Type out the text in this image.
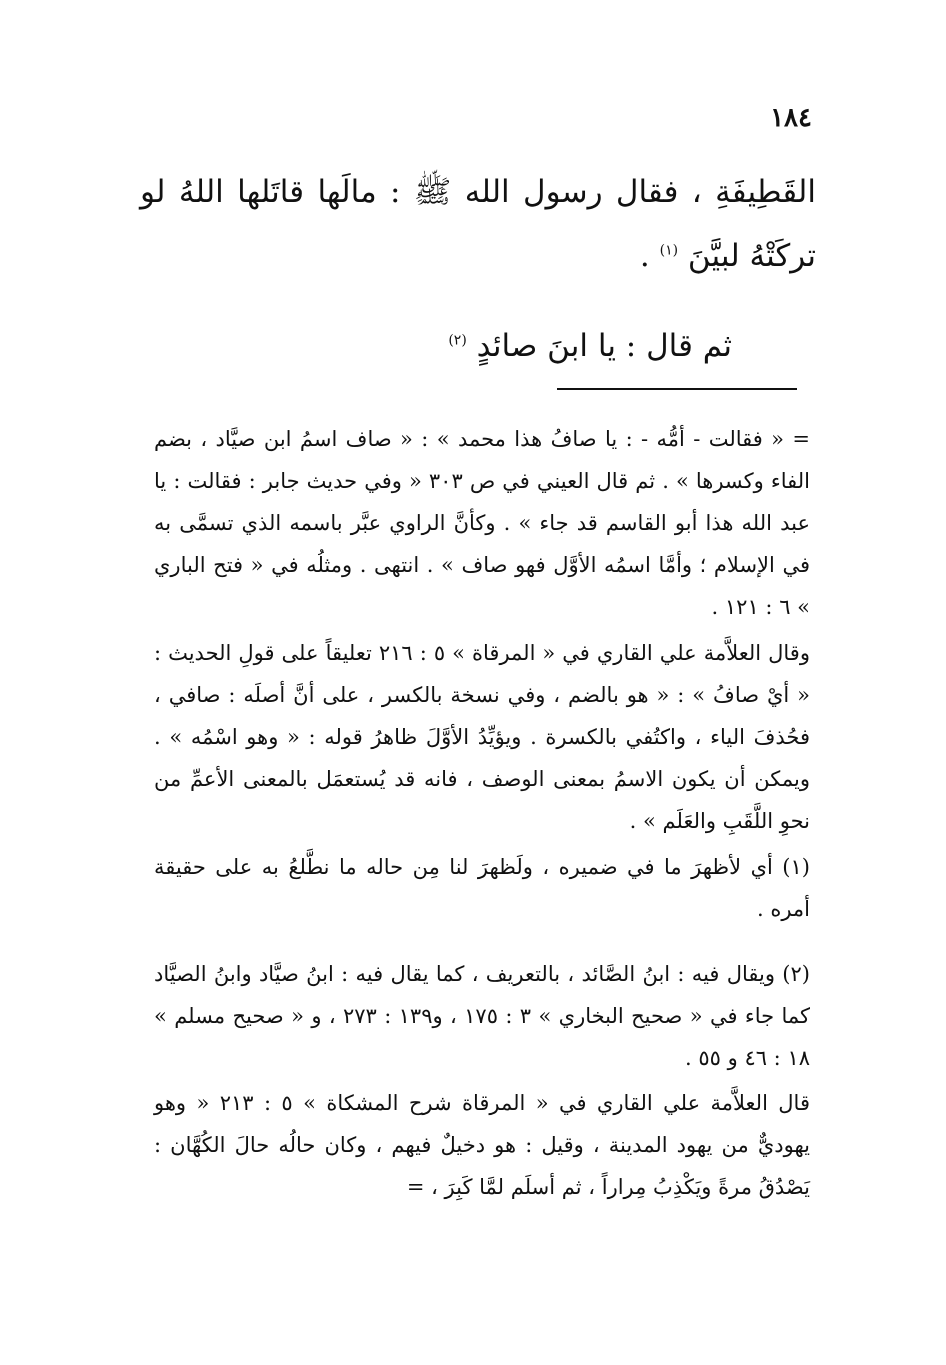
١٨٤
القَطِيفَةِ ، فقال رسول الله ﷺ : مالَها قاتَلها اللهُ لو تركَتْهُ لبيَّنَ $^{(١)}$ .
ثم قال : يا ابنَ صائدٍ $^{(٢)}$
= « فقالت - أمُّه - : يا صافُ هذا محمد » : « صاف اسمُ ابن صيَّاد ، بضم الفاء وكسرها » . ثم قال العيني في ص ٣٠٣ « وفي حديث جابر : فقالت : يا عبد الله هذا أبو القاسم قد جاء » . وكأنَّ الراوي عبَّر باسمه الذي تسمَّى به في الإسلام ؛ وأمَّا اسمُه الأوَّل فهو صاف » . انتهى . ومثلُه في « فتح الباري » ٦ : ١٢١ .
وقال العلاَّمة علي القاري في « المرقاة » ٥ : ٢١٦ تعليقاً على قولِ الحديث : « أيْ صافُ » : « هو بالضم ، وفي نسخة بالكسر ، على أنَّ أصلَه : صافي ، فحُذفَ الياء ، واكتُفي بالكسرة . ويؤيِّدُ الأوَّلَ ظاهرُ قوله : « وهو اسْمُه » . ويمكن أن يكون الاسمُ بمعنى الوصف ، فانه قد يُستعمَل بالمعنى الأعمِّ من نحوِ اللَّقَبِ والعَلَم » .
(١) أي لأظهرَ ما في ضميره ، ولَظهرَ لنا مِن حاله ما نطَّلعُ به على حقيقة أمره .
(٢) ويقال فيه : ابنُ الصَّائد ، بالتعريف ، كما يقال فيه : ابنُ صيَّاد وابنُ الصيَّاد كما جاء في « صحيح البخاري » ٣ : ١٧٥ ، و١٣٩ : ٢٧٣ ، و « صحيح مسلم » ١٨ : ٤٦ و ٥٥ .
قال العلاَّمة علي القاري في « المرقاة شرح المشكاة » ٥ : ٢١٣ « وهو يهوديٌّ من يهود المدينة ، وقيل : هو دخيلٌ فيهم ، وكان حالُه حالَ الكُهَّان : يَصْدُقُ مرةً ويَكْذِبُ مِراراً ، ثم أسلَم لمَّا كَبِرَ ، =
